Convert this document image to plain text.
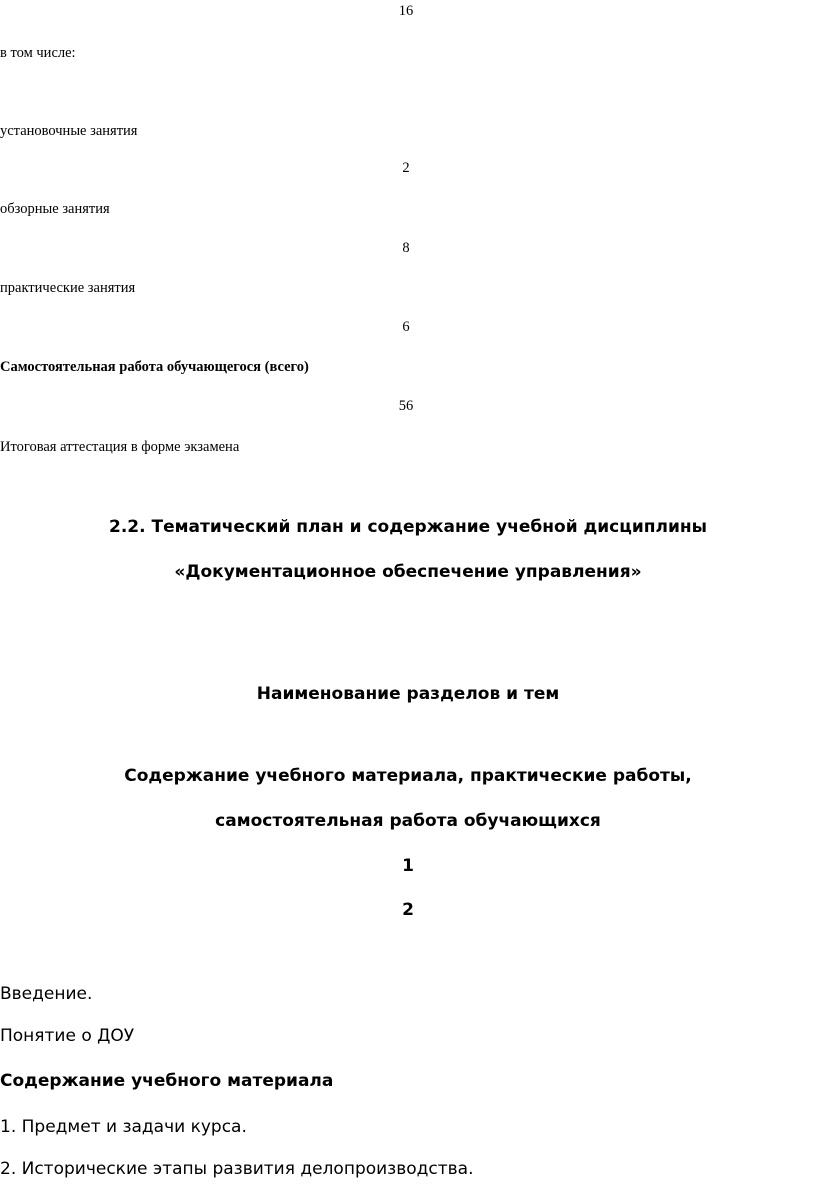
16
в том числе:
установочные занятия
2
обзорные занятия
8
практические занятия
6
Самостоятельная работа обучающегося (всего)
56
Итоговая аттестация в форме экзамена
2.2. Тематический план и содержание учебной дисциплины
«Документационное обеспечение управления»
Наименование разделов и тем
Содержание учебного материала, практические работы,
самостоятельная работа обучающихся
1
2
Введение.
Понятие о ДОУ
Содержание учебного материала
1. Предмет и задачи курса.
2. Исторические этапы развития делопроизводства.
